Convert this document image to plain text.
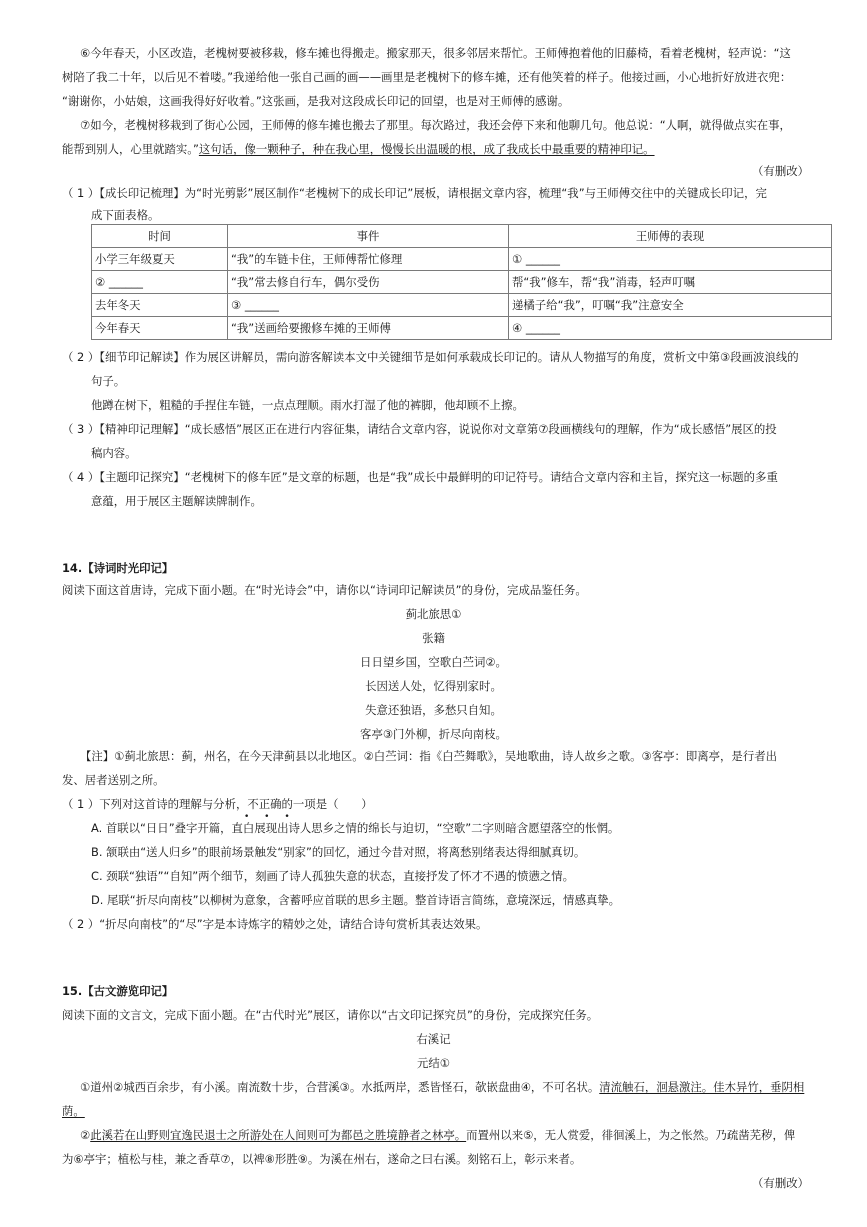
⑥今年春天，小区改造，老槐树要被移栽，修车摊也得搬走。搬家那天，很多邻居来帮忙。王师傅抱着他的旧藤椅，看着老槐树，轻声说：“这
树陪了我二十年，以后见不着喽。”我递给他一张自己画的画——画里是老槐树下的修车摊，还有他笑着的样子。他接过画，小心地折好放进衣兜：
“谢谢你，小姑娘，这画我得好好收着。”这张画，是我对这段成长印记的回望，也是对王师傅的感谢。
⑦如今，老槐树移栽到了街心公园，王师傅的修车摊也搬去了那里。每次路过，我还会停下来和他聊几句。他总说：“人啊，就得做点实在事，
能帮到别人，心里就踏实。”这句话，像一颗种子，种在我心里，慢慢长出温暖的根，成了我成长中最重要的精神印记。
（有删改）
（ 1 ）【成长印记梳理】为“时光剪影”展区制作“老槐树下的成长印记”展板，请根据文章内容，梳理“我”与王师傅交往中的关键成长印记，完
成下面表格。
时间	事件	王师傅的表现
小学三年级夏天	“我”的车链卡住，王师傅帮忙修理	① ______
② ______	“我”常去修自行车，偶尔受伤	帮“我”修车，帮“我”消毒，轻声叮嘱
去年冬天	③ ______	递橘子给“我”，叮嘱“我”注意安全
今年春天	“我”送画给要搬修车摊的王师傅	④ ______
（ 2 ）【细节印记解读】作为展区讲解员，需向游客解读本文中关键细节是如何承载成长印记的。请从人物描写的角度，赏析文中第③段画波浪线的
句子。
他蹲在树下，粗糙的手捏住车链，一点点理顺。雨水打湿了他的裤脚，他却顾不上擦。
（ 3 ）【精神印记理解】“成长感悟”展区正在进行内容征集，请结合文章内容，说说你对文章第⑦段画横线句的理解，作为“成长感悟”展区的投
稿内容。
（ 4 ）【主题印记探究】“老槐树下的修车匠”是文章的标题，也是“我”成长中最鲜明的印记符号。请结合文章内容和主旨，探究这一标题的多重
意蕴，用于展区主题解读牌制作。
14.【诗词时光印记】
阅读下面这首唐诗，完成下面小题。在“时光诗会”中，请你以“诗词印记解读员”的身份，完成品鉴任务。
蓟北旅思①
张籍
日日望乡国，空歌白苎词②。
长因送人处，忆得别家时。
失意还独语，多愁只自知。
客亭③门外柳，折尽向南枝。
【注】①蓟北旅思：蓟，州名，在今天津蓟县以北地区。②白苎词：指《白苎舞歌》，吴地歌曲，诗人故乡之歌。③客亭：即离亭，是行者出
发、居者送别之所。
（ 1 ）下列对这首诗的理解与分析，不正确的一项是（　　）
• • •
A. 首联以“日日”叠字开篇，直白展现出诗人思乡之情的绵长与迫切，“空歌”二字则暗含愿望落空的怅惘。
B. 颔联由“送人归乡”的眼前场景触发“别家”的回忆，通过今昔对照，将离愁别绪表达得细腻真切。
C. 颈联“独语”“自知”两个细节，刻画了诗人孤独失意的状态，直接抒发了怀才不遇的愤懑之情。
D. 尾联“折尽向南枝”以柳树为意象，含蓄呼应首联的思乡主题。整首诗语言简练，意境深远，情感真挚。
（ 2 ）“折尽向南枝”的“尽”字是本诗炼字的精妙之处，请结合诗句赏析其表达效果。
15.【古文游览印记】
阅读下面的文言文，完成下面小题。在“古代时光”展区，请你以“古文印记探究员”的身份，完成探究任务。
右溪记
元结①
①道州②城西百余步，有小溪。南流数十步，合营溪③。水抵两岸，悉皆怪石，欹嵌盘曲④，不可名状。清流触石，洄悬激注。佳木异竹，垂阴相
荫。
②此溪若在山野则宜逸民退士之所游处在人间则可为都邑之胜境静者之林亭。而置州以来⑤，无人赏爱，徘徊溪上，为之怅然。乃疏凿芜秽，俾
为⑥亭宇；植松与桂，兼之香草⑦，以裨⑧形胜⑨。为溪在州右，遂命之曰右溪。刻铭石上，彰示来者。
（有删改）
